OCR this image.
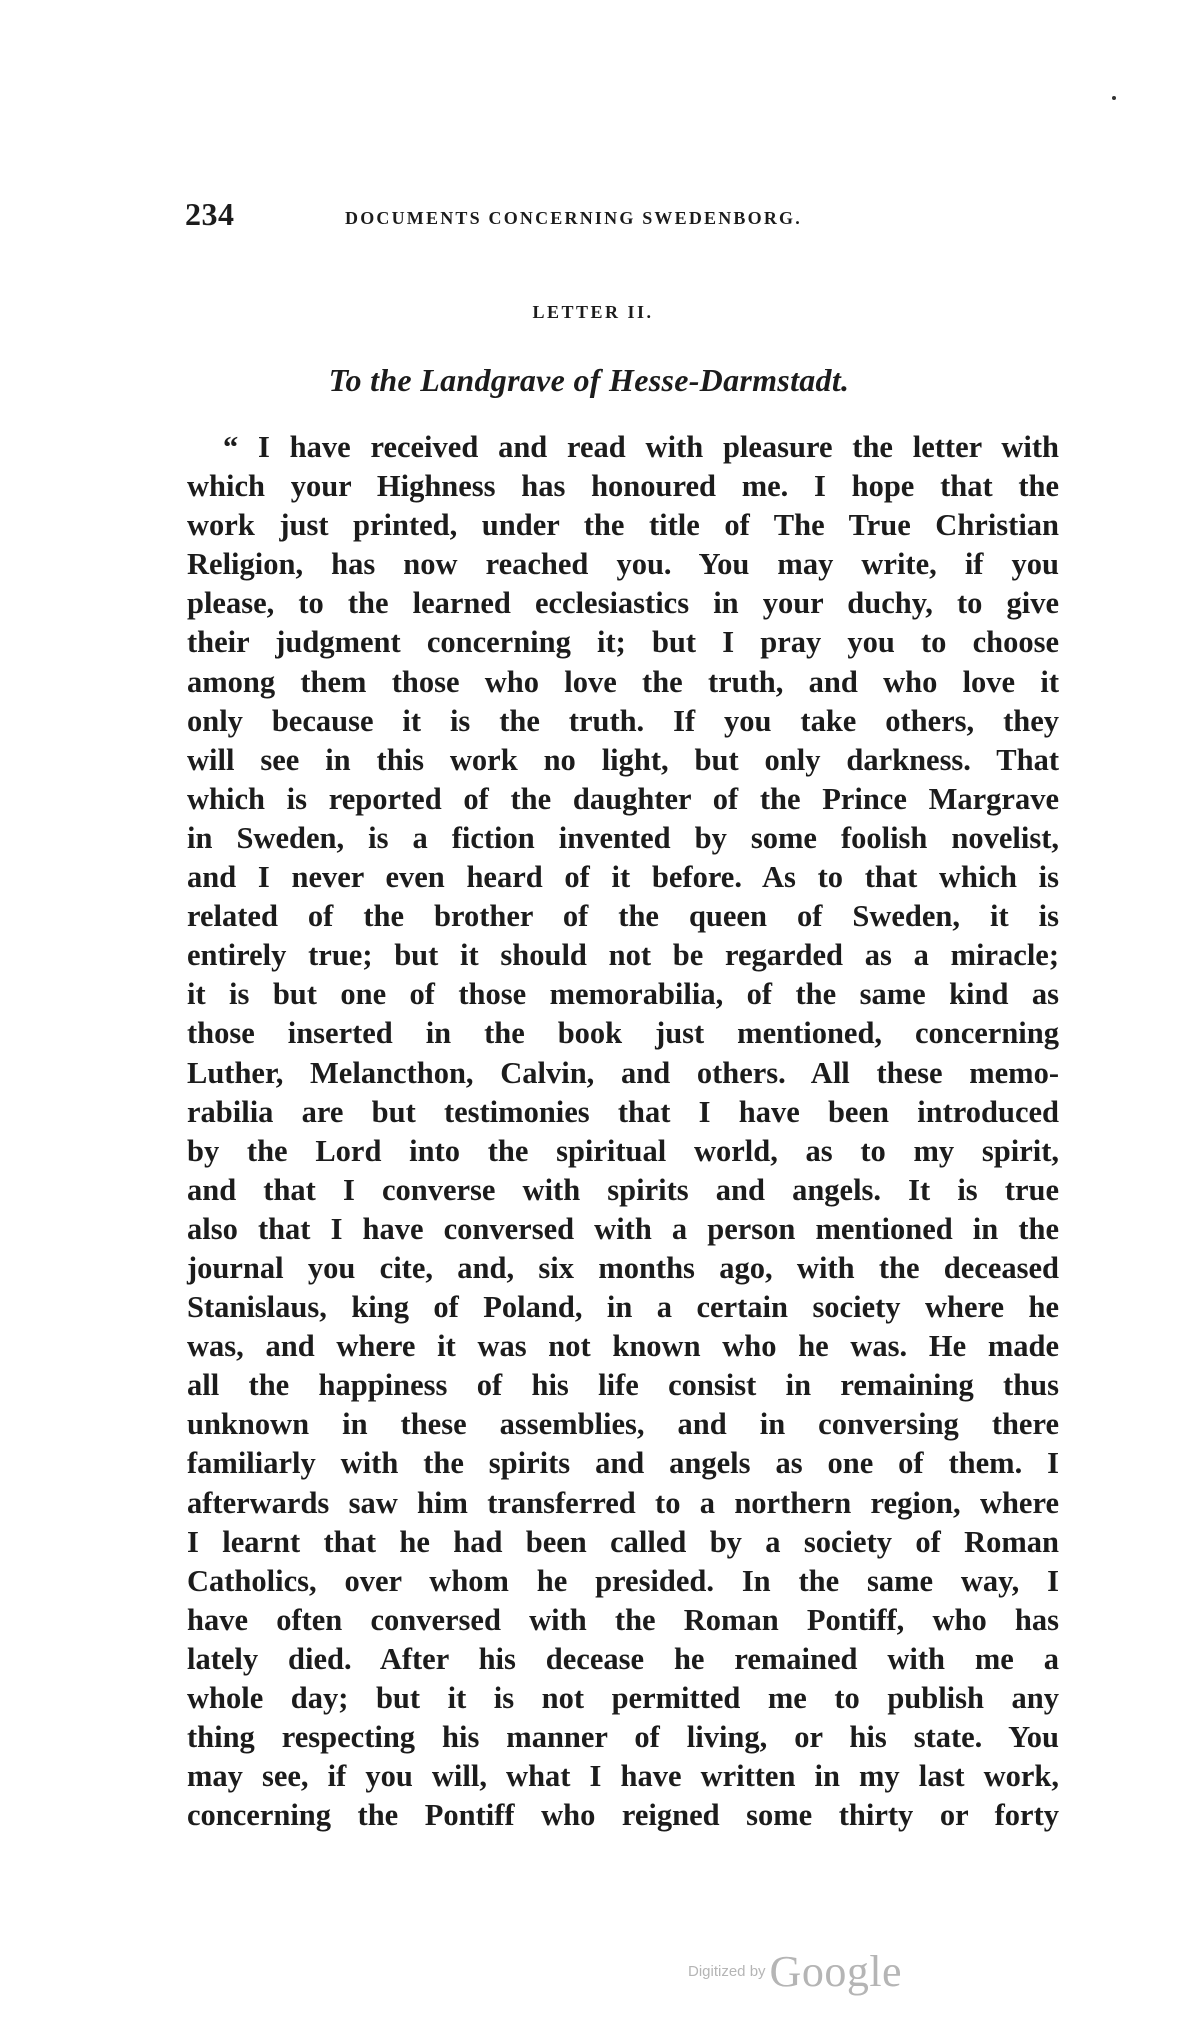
234	DOCUMENTS CONCERNING SWEDENBORG.
LETTER II.
To the Landgrave of Hesse-Darmstadt.
“ I have received and read with pleasure the letter with
which your Highness has honoured me. I hope that the
work just printed, under the title of The True Christian
Religion, has now reached you. You may write, if you
please, to the learned ecclesiastics in your duchy, to give
their judgment concerning it; but I pray you to choose
among them those who love the truth, and who love it
only because it is the truth. If you take others, they
will see in this work no light, but only darkness. That
which is reported of the daughter of the Prince Margrave
in Sweden, is a fiction invented by some foolish novelist,
and I never even heard of it before. As to that which is
related of the brother of the queen of Sweden, it is
entirely true; but it should not be regarded as a miracle;
it is but one of those memorabilia, of the same kind as
those inserted in the book just mentioned, concerning
Luther, Melancthon, Calvin, and others. All these memo-
rabilia are but testimonies that I have been introduced
by the Lord into the spiritual world, as to my spirit,
and that I converse with spirits and angels. It is true
also that I have conversed with a person mentioned in the
journal you cite, and, six months ago, with the deceased
Stanislaus, king of Poland, in a certain society where he
was, and where it was not known who he was. He made
all the happiness of his life consist in remaining thus
unknown in these assemblies, and in conversing there
familiarly with the spirits and angels as one of them. I
afterwards saw him transferred to a northern region, where
I learnt that he had been called by a society of Roman
Catholics, over whom he presided. In the same way, I
have often conversed with the Roman Pontiff, who has
lately died. After his decease he remained with me a
whole day; but it is not permitted me to publish any
thing respecting his manner of living, or his state. You
may see, if you will, what I have written in my last work,
concerning the Pontiff who reigned some thirty or forty
Digitized by Google
